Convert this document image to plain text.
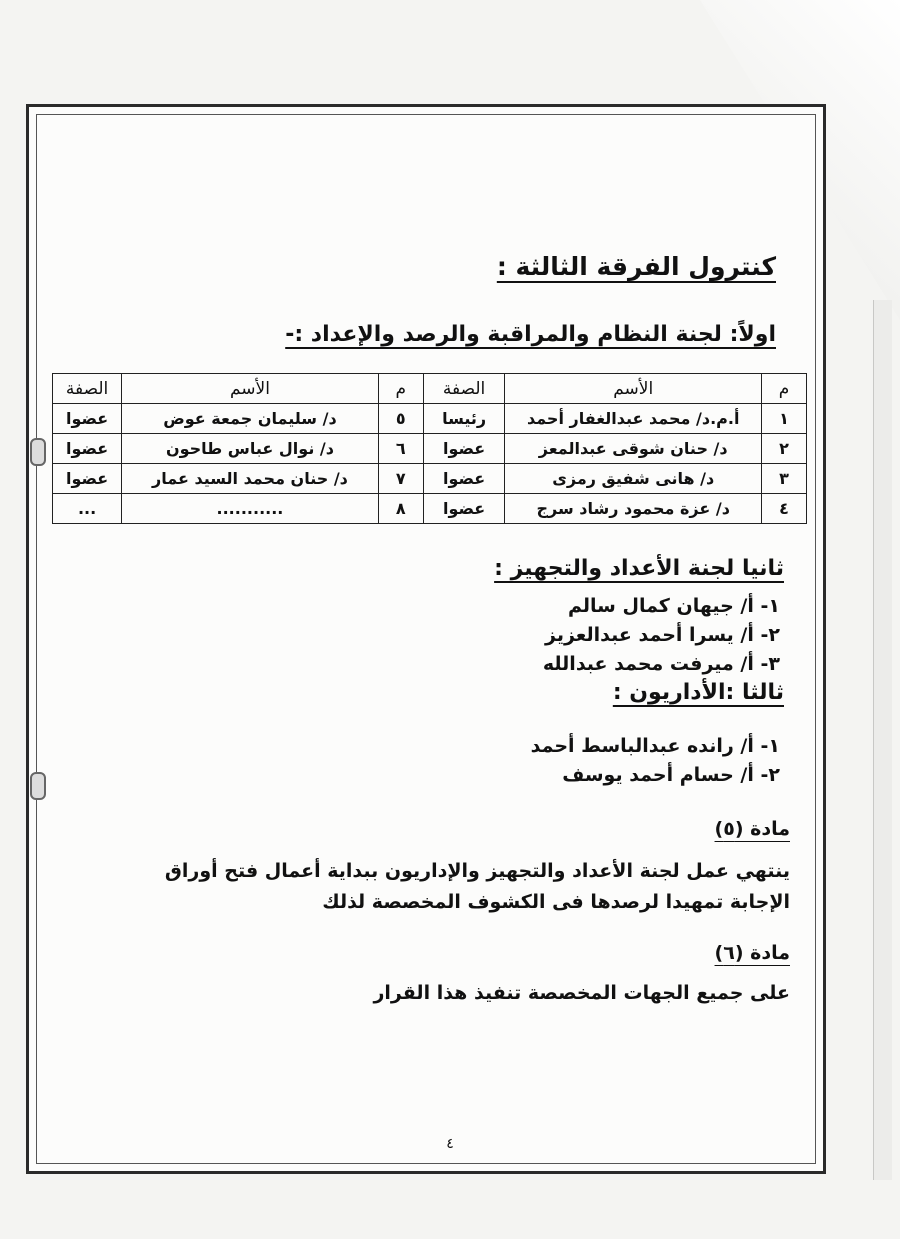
كنترول الفرقة الثالثة :
اولاً: لجنة النظام والمراقبة والرصد والإعداد :-
م	الأسم	الصفة	م	الأسم	الصفة
١	أ.م.د/ محمد عبدالغفار أحمد	رئيسا	٥	د/ سليمان جمعة عوض	عضوا
٢	د/ حنان شوقى عبدالمعز	عضوا	٦	د/ نوال عباس طاحون	عضوا
٣	د/ هانى شفيق رمزى	عضوا	٧	د/ حنان محمد السيد عمار	عضوا
٤	د/ عزة محمود رشاد سرج	عضوا	٨	...........	...
ثانيا لجنة الأعداد والتجهيز :
١- أ/ جيهان كمال سالم
٢- أ/ يسرا أحمد عبدالعزيز
٣- أ/ ميرفت محمد عبدالله
ثالثا :الأداريون :
١- أ/ رانده عبدالباسط أحمد
٢- أ/ حسام أحمد يوسف
مادة (٥)
ينتهي عمل لجنة الأعداد والتجهيز والإداريون ببداية أعمال فتح أوراق الإجابة تمهيدا لرصدها فى الكشوف المخصصة لذلك
مادة (٦)
على جميع الجهات المخصصة تنفيذ هذا القرار
٤
